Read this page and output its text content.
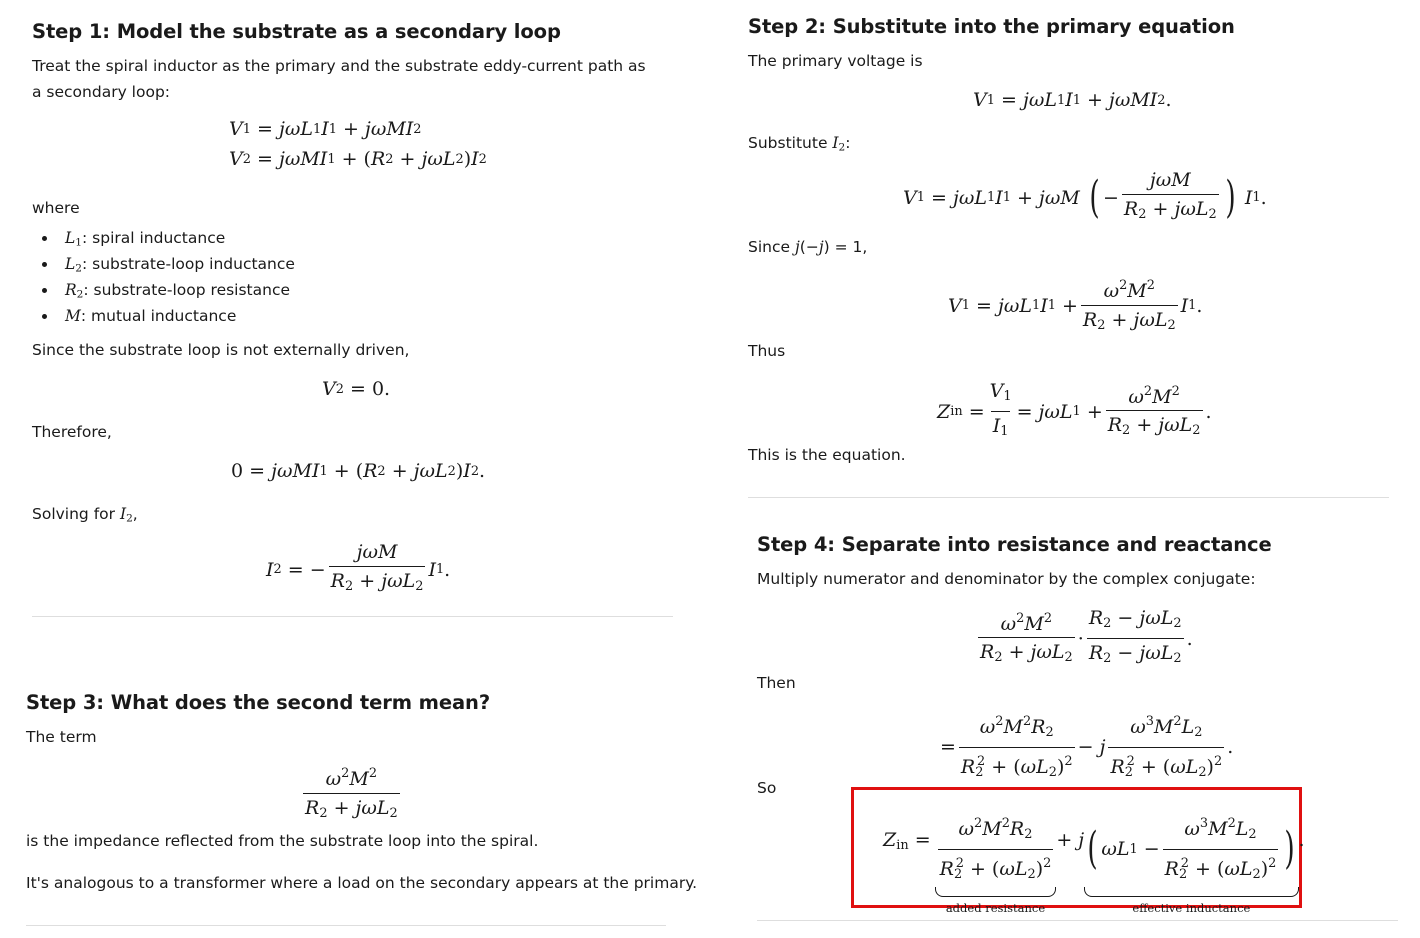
Step 1: Model the substrate as a secondary loop
Treat the spiral inductor as the primary and the substrate eddy-current path as a secondary loop:
V 1
= jωL 1 I 1
+ jωMI 2
V 2
= jωMI 1
+
( R 2
+ jωL 2 ) I 2
where
$L_1$: spiral inductance
$L_2$: substrate-loop inductance
$R_2$: substrate-loop resistance
M: mutual inductance
Since the substrate loop is not externally driven,
V 2
= 0.
Therefore,
0 = jωMI 1
+
( R 2
+ jωL 2 ) I 2 .
Solving for $I_2$,
I 2
= − $\frac{\text{jωM}}{R_2 + j\omega L_2}$ I 1 .
Step 3: What does the second term mean?
The term
$\frac{\omega^2M^2}{R_2 + j\omega L_2}$
is the impedance reflected from the substrate loop into the spiral.
It's analogous to a transformer where a load on the secondary appears at the primary.
Step 2: Substitute into the primary equation
The primary voltage is
V 1
= jωL 1 I 1
+ jωMI 2 .
Substitute $I_2$:
V 1
= jωL 1 I 1
+ jωM ( − $\frac{\text{jωM}}{R_2 + j\omega L_2}$ ) I 1 .
Since j(−j) = 1,
V 1
= jωL 1 I 1
+ $\frac{\omega^2M^2}{R_2 + j\omega L_2}$ I 1 .
Thus
Z in
= $\frac{V_1}{I_1} = j\omega L$ 1
+ $\frac{\omega^2M^2}{R_2 + j\omega L_2}$ .
This is the equation.
Step 4: Separate into resistance and reactance
Multiply numerator and denominator by the complex conjugate:
$\frac{\omega^2M^2}{R_2 + j\omega L_2} \cdot \frac{R_2 - j\omega L_2}{R_2 - j\omega L_2}$ .
Then
= $\frac{\omega^2M^2R_2}{R_2^2 + (\omega L_2)^2} - j \frac{\omega^3M^2L_2}{R_2^2 + (\omega L_2)^2}$ .
So
$Z_{in} = \frac{\omega^2M^2R_2}{R_2^2 + (\omega L_2)^2}$
added resistance
+ j ( ωL 1
− $\frac{\omega^3M^2L_2}{R_2^2 + (\omega L_2)^2}$ )
effective inductance
.
